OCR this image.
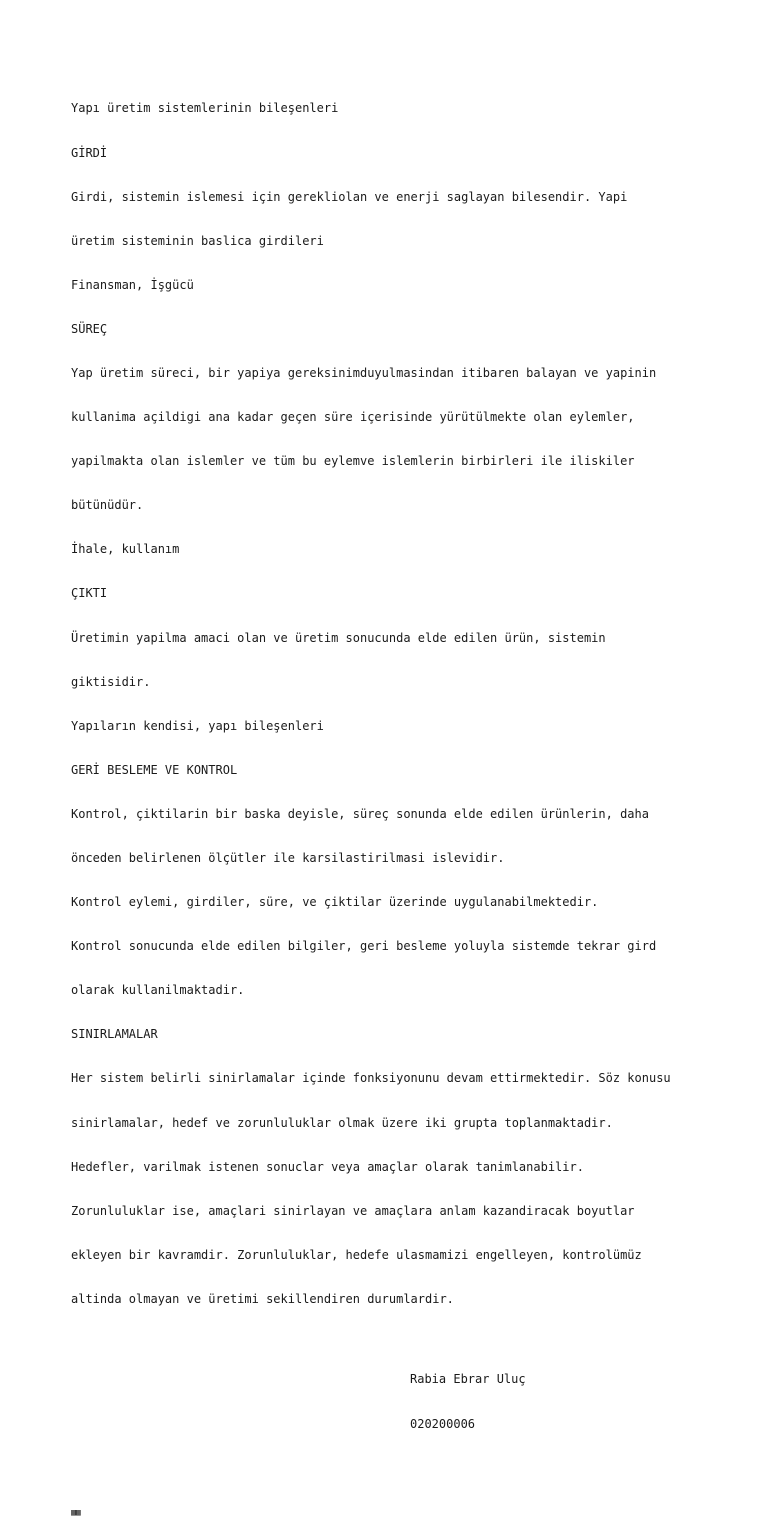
Yapı üretim sistemlerinin bileşenleri

GİRDİ

Girdi, sistemin islemesi için gerekliolan ve enerji saglayan bilesendir. Yapi

üretim sisteminin baslica girdileri

Finansman, İşgücü

SÜREÇ

Yap üretim süreci, bir yapiya gereksinimduyulmasindan itibaren balayan ve yapinin

kullanima açildigi ana kadar geçen süre içerisinde yürütülmekte olan eylemler,

yapilmakta olan islemler ve tüm bu eylemve islemlerin birbirleri ile iliskiler

bütünüdür.

İhale, kullanım

ÇIKTI

Üretimin yapilma amaci olan ve üretim sonucunda elde edilen ürün, sistemin

giktisidir.

Yapıların kendisi, yapı bileşenleri

GERİ BESLEME VE KONTROL

Kontrol, çiktilarin bir baska deyisle, süreç sonunda elde edilen ürünlerin, daha

önceden belirlenen ölçütler ile karsilastirilmasi islevidir.

Kontrol eylemi, girdiler, süre, ve çiktilar üzerinde uygulanabilmektedir.

Kontrol sonucunda elde edilen bilgiler, geri besleme yoluyla sistemde tekrar gird

olarak kullanilmaktadir.

SINIRLAMALAR

Her sistem belirli sinirlamalar içinde fonksiyonunu devam ettirmektedir. Söz konusu

sinirlamalar, hedef ve zorunluluklar olmak üzere iki grupta toplanmaktadir.

Hedefler, varilmak istenen sonuclar veya amaçlar olarak tanimlanabilir.

Zorunluluklar ise, amaçlari sinirlayan ve amaçlara anlam kazandiracak boyutlar

ekleyen bir kavramdir. Zorunluluklar, hedefe ulasmamizi engelleyen, kontrolümüz

altinda olmayan ve üretimi sekillendiren durumlardir.

Rabia Ebrar Uluç

020200006

▦▦
